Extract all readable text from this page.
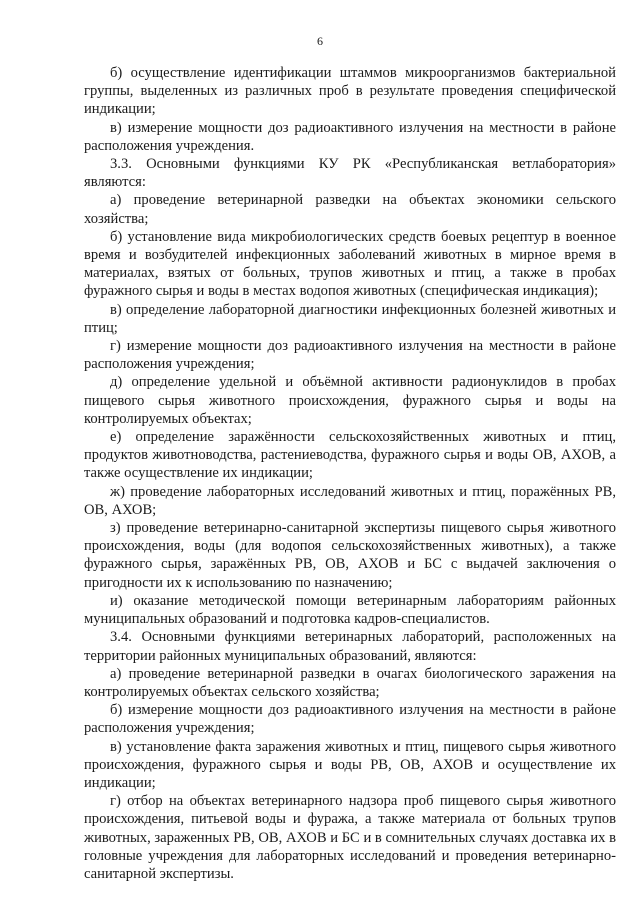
6

б) осуществление идентификации штаммов микроорганизмов бактериальной группы, выделенных из различных проб в результате проведения специфической индикации;

в) измерение мощности доз радиоактивного излучения на местности в районе расположения учреждения.

3.3. Основными функциями КУ РК «Республиканская ветлаборатория» являются:

а) проведение ветеринарной разведки на объектах экономики сельского хозяйства;

б) установление вида микробиологических средств боевых рецептур в военное время и возбудителей инфекционных заболеваний животных в мирное время в материалах, взятых от больных, трупов животных и птиц, а также в пробах фуражного сырья и воды в местах водопоя животных (специфическая индикация);

в) определение лабораторной диагностики инфекционных болезней животных и птиц;

г) измерение мощности доз радиоактивного излучения на местности в районе расположения учреждения;

д) определение удельной и объёмной активности радионуклидов в пробах пищевого сырья животного происхождения, фуражного сырья и воды на контролируемых объектах;

е) определение заражённости сельскохозяйственных животных и птиц, продуктов животноводства, растениеводства, фуражного сырья и воды ОВ, АХОВ, а также осуществление их индикации;

ж) проведение лабораторных исследований животных и птиц, поражённых РВ, ОВ, АХОВ;

з) проведение ветеринарно-санитарной экспертизы пищевого сырья животного происхождения, воды (для водопоя сельскохозяйственных животных), а также фуражного сырья, заражённых РВ, ОВ, АХОВ и БС с выдачей заключения о пригодности их к использованию по назначению;

и) оказание методической помощи ветеринарным лабораториям районных муниципальных образований и подготовка кадров-специалистов.

3.4. Основными функциями ветеринарных лабораторий, расположенных на территории районных муниципальных образований, являются:

а) проведение ветеринарной разведки в очагах биологического заражения на контролируемых объектах сельского хозяйства;

б) измерение мощности доз радиоактивного излучения на местности в районе расположения учреждения;

в) установление факта заражения животных и птиц, пищевого сырья животного происхождения, фуражного сырья и воды РВ, ОВ, АХОВ и осуществление их индикации;

г) отбор на объектах ветеринарного надзора проб пищевого сырья животного происхождения, питьевой воды и фуража, а также материала от больных трупов животных, зараженных РВ, ОВ, АХОВ и БС и в сомнительных случаях доставка их в головные учреждения для лабораторных исследований и проведения ветеринарно-санитарной экспертизы.
